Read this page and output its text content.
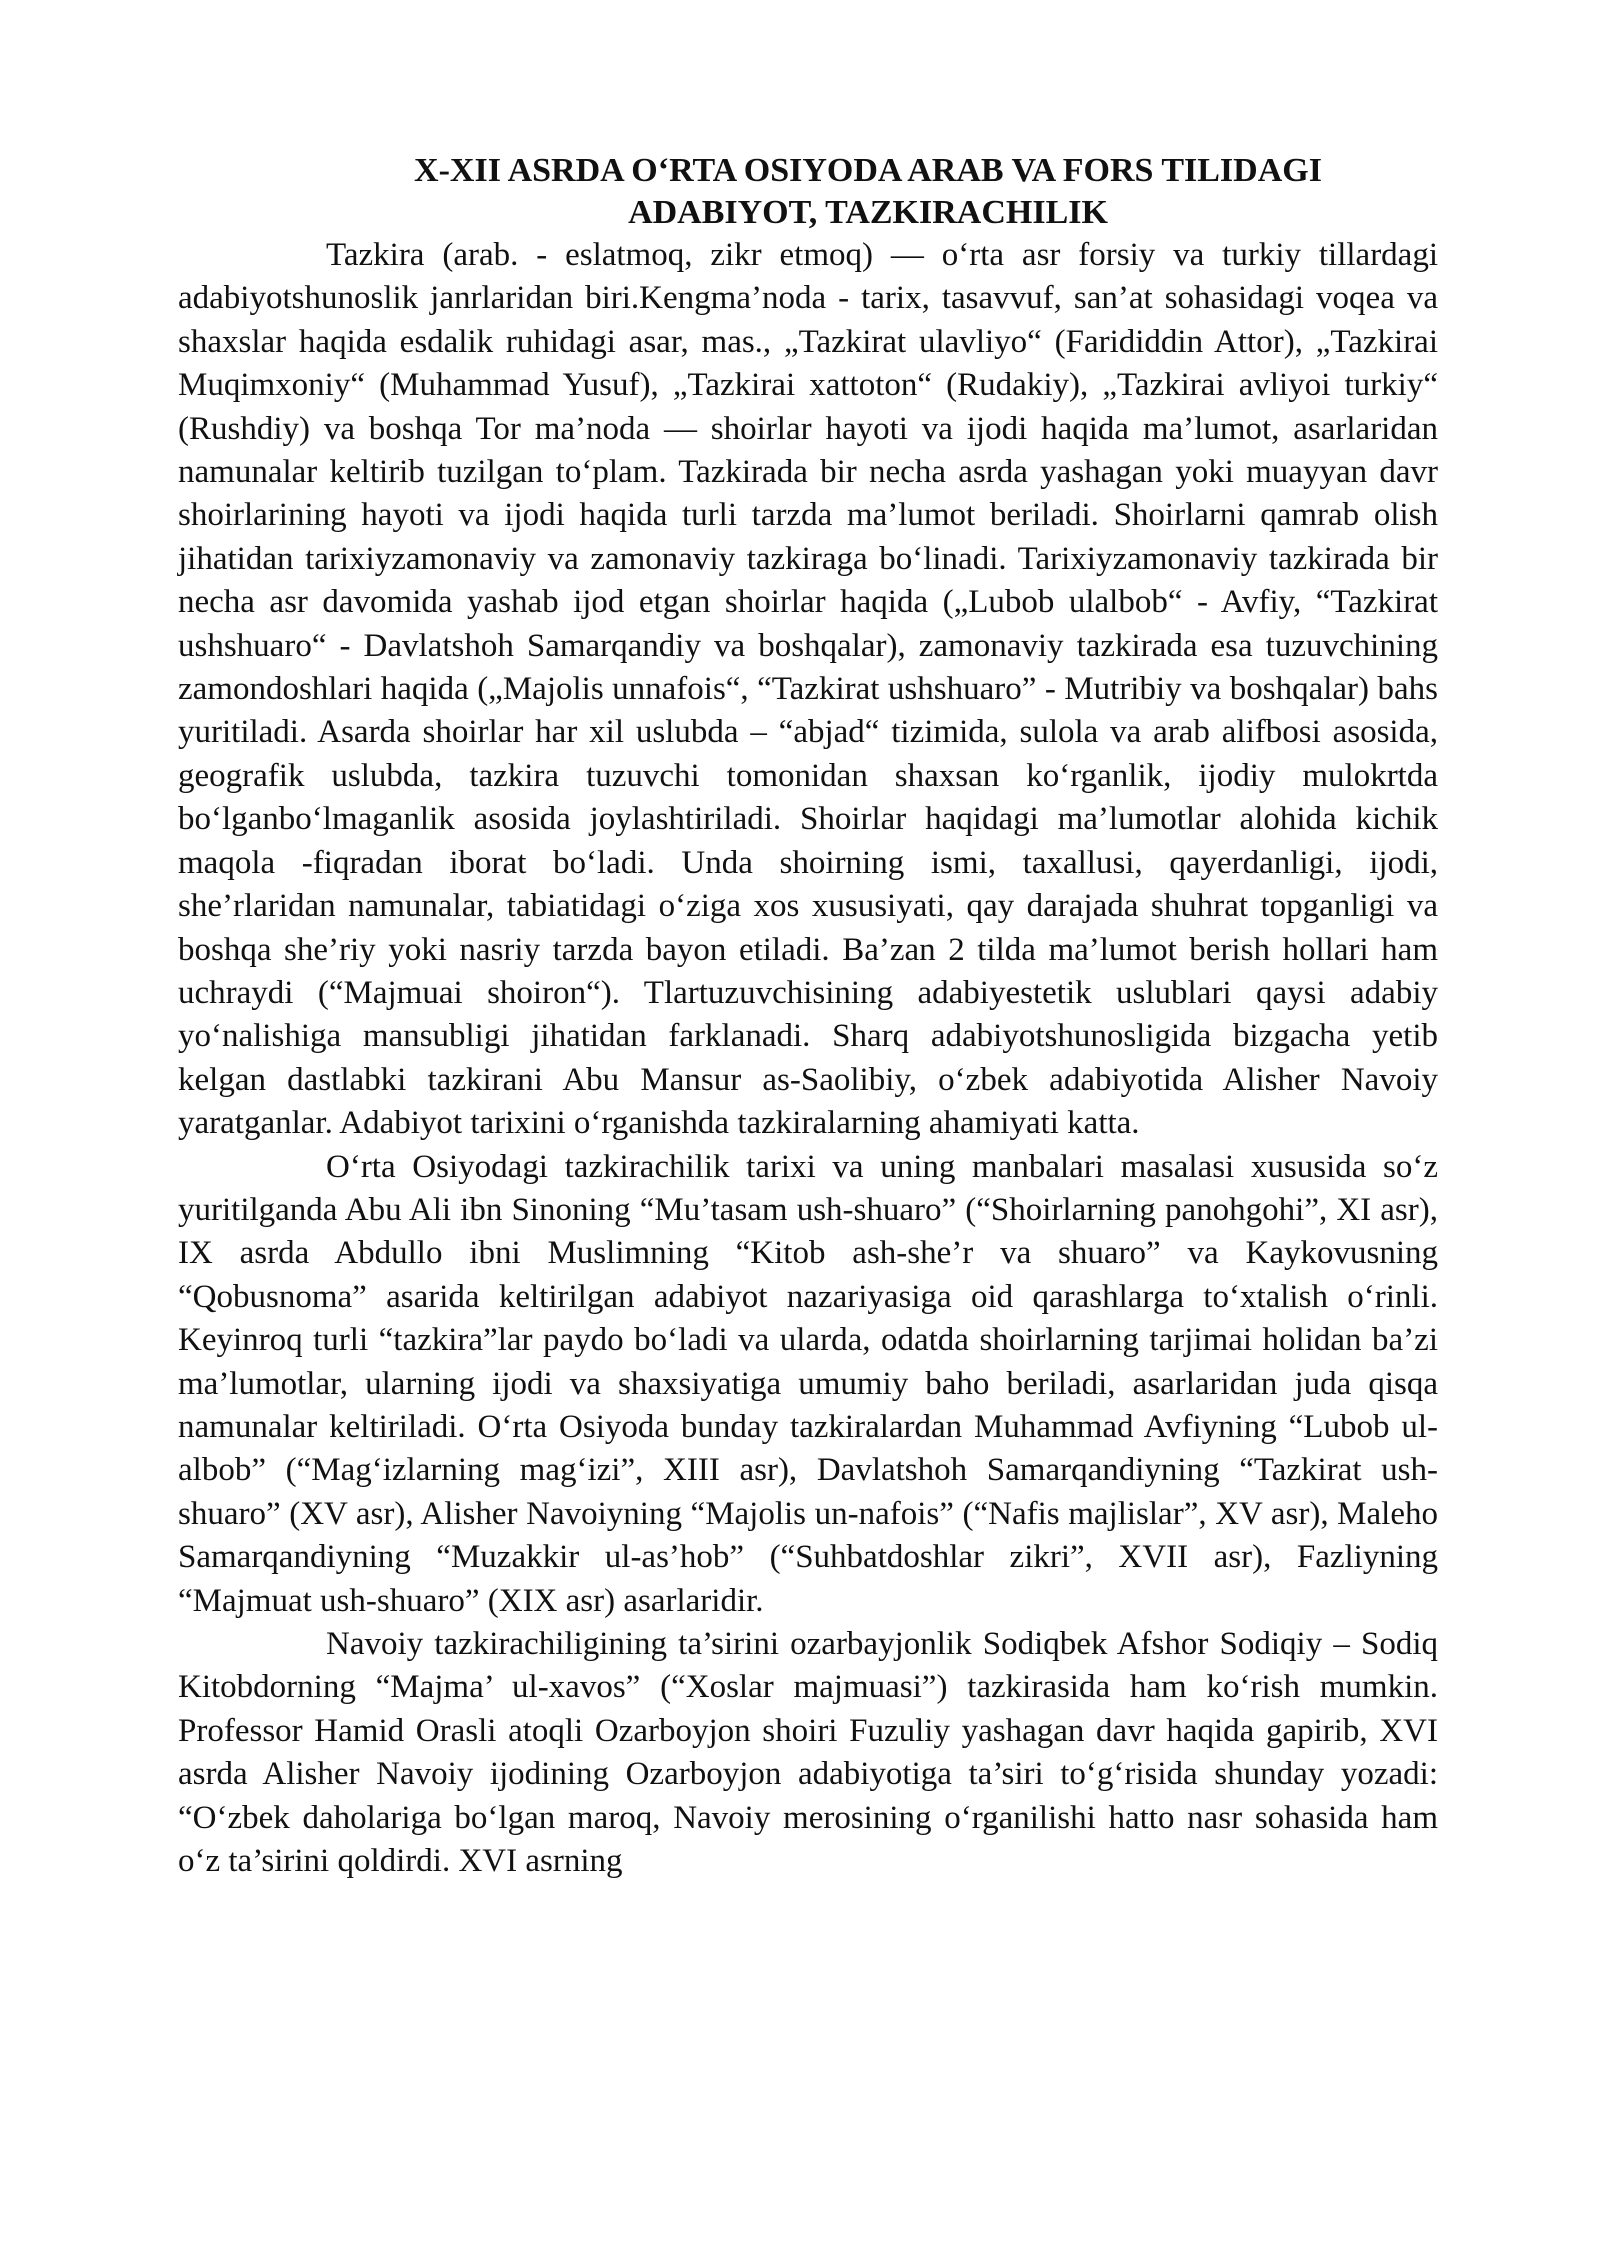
X-XII ASRDA O‘RTA OSIYODA ARAB VA FORS TILIDAGI
ADABIYOT, TAZKIRACHILIK

Tazkira (arab. - eslatmoq, zikr etmoq) — o‘rta asr forsiy va turkiy tillardagi adabiyotshunoslik janrlaridan biri.Kengma’noda - tarix, tasavvuf, san’at sohasidagi voqea va shaxslar haqida esdalik ruhidagi asar, mas., „Tazkirat ulavliyo“ (Farididdin Attor), „Tazkirai Muqimxoniy“ (Muhammad Yusuf), „Tazkirai xattoton“ (Rudakiy), „Tazkirai avliyoi turkiy“ (Rushdiy) va boshqa Tor ma’noda — shoirlar hayoti va ijodi haqida ma’lumot, asarlaridan namunalar keltirib tuzilgan to‘plam. Tazkirada bir necha asrda yashagan yoki muayyan davr shoirlarining hayoti va ijodi haqida turli tarzda ma’lumot beriladi. Shoirlarni qamrab olish jihatidan tarixiyzamonaviy va zamonaviy tazkiraga bo‘linadi. Tarixiyzamonaviy tazkirada bir necha asr davomida yashab ijod etgan shoirlar haqida („Lubob ulalbob“ - Avfiy, “Tazkirat ushshuaro“ - Davlatshoh Samarqandiy va boshqalar), zamonaviy tazkirada esa tuzuvchining zamondoshlari haqida („Majolis unnafois“, “Tazkirat ushshuaro” - Mutribiy va boshqalar) bahs yuritiladi. Asarda shoirlar har xil uslubda – “abjad“ tizimida, sulola va arab alifbosi asosida, geografik uslubda, tazkira tuzuvchi tomonidan shaxsan ko‘rganlik, ijodiy mulokrtda bo‘lganbo‘lmaganlik asosida joylashtiriladi. Shoirlar haqidagi ma’lumotlar alohida kichik maqola -fiqradan iborat bo‘ladi. Unda shoirning ismi, taxallusi, qayerdanligi, ijodi, she’rlaridan namunalar, tabiatidagi o‘ziga xos xususiyati, qay darajada shuhrat topganligi va boshqa she’riy yoki nasriy tarzda bayon etiladi. Ba’zan 2 tilda ma’lumot berish hollari ham uchraydi (“Majmuai shoiron“). Tlartuzuvchisining adabiyestetik uslublari qaysi adabiy yo‘nalishiga mansubligi jihatidan farklanadi. Sharq adabiyotshunosligida bizgacha yetib kelgan dastlabki tazkirani Abu Mansur as-Saolibiy, o‘zbek adabiyotida Alisher Navoiy yaratganlar. Adabiyot tarixini o‘rganishda tazkiralarning ahamiyati katta.

O‘rta Osiyodagi tazkirachilik tarixi va uning manbalari masalasi xususida so‘z yuritilganda Abu Ali ibn Sinoning “Mu’tasam ush-shuaro” (“Shoirlarning panohgohi”, XI asr), IX asrda Abdullo ibni Muslimning “Kitob ash-she’r va shuaro” va Kaykovusning “Qobusnoma” asarida keltirilgan adabiyot nazariyasiga oid qarashlarga to‘xtalish o‘rinli. Keyinroq turli “tazkira”lar paydo bo‘ladi va ularda, odatda shoirlarning tarjimai holidan ba’zi ma’lumotlar, ularning ijodi va shaxsiyatiga umumiy baho beriladi, asarlaridan juda qisqa namunalar keltiriladi. O‘rta Osiyoda bunday tazkiralardan Muhammad Avfiyning “Lubob ul-albob” (“Mag‘izlarning mag‘izi”, XIII asr), Davlatshoh Samarqandiyning “Tazkirat ush-shuaro” (XV asr), Alisher Navoiyning “Majolis un-nafois” (“Nafis majlislar”, XV asr), Maleho Samarqandiyning “Muzakkir ul-as’hob” (“Suhbatdoshlar zikri”, XVII asr), Fazliyning “Majmuat ush-shuaro” (XIX asr) asarlaridir.

Navoiy tazkirachiligining ta’sirini ozarbayjonlik Sodiqbek Afshor Sodiqiy – Sodiq Kitobdorning “Majma’ ul-xavos” (“Xoslar majmuasi”) tazkirasida ham ko‘rish mumkin. Professor Hamid Orasli atoqli Ozarboyjon shoiri Fuzuliy yashagan davr haqida gapirib, XVI asrda Alisher Navoiy ijodining Ozarboyjon adabiyotiga ta’siri to‘g‘risida shunday yozadi: “O‘zbek daholariga bo‘lgan maroq, Navoiy merosining o‘rganilishi hatto nasr sohasida ham o‘z ta’sirini qoldirdi. XVI asrning
